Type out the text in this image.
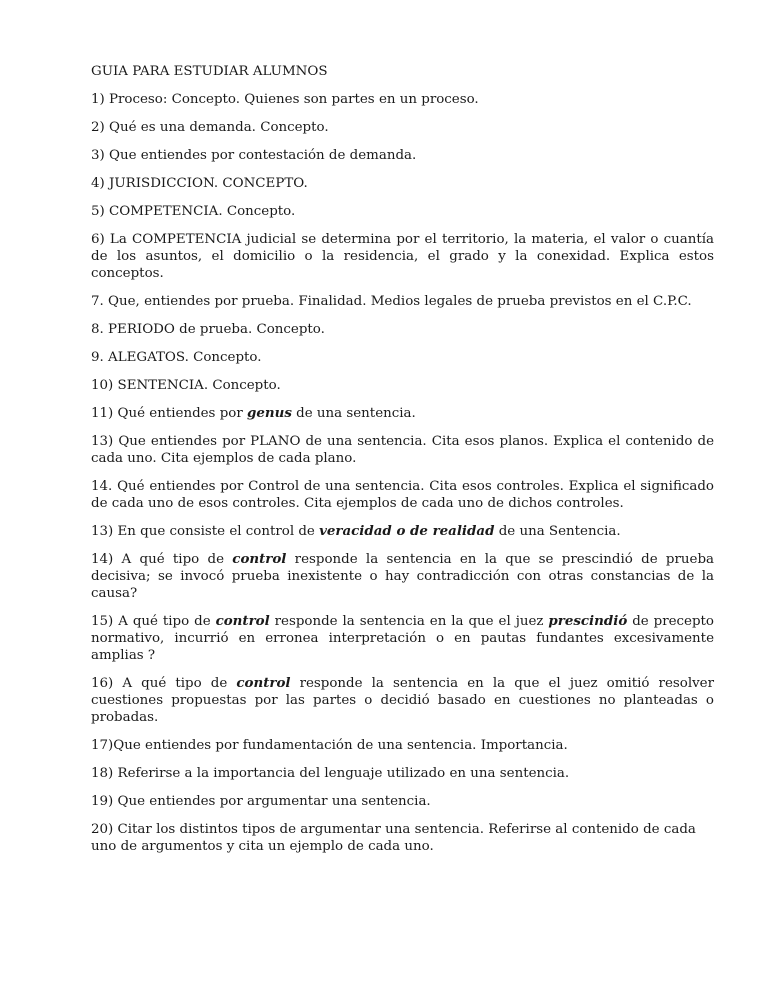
GUIA PARA ESTUDIAR ALUMNOS

1) Proceso: Concepto. Quienes son partes en un proceso.

2) Qué es una demanda. Concepto.

3) Que entiendes por contestación de demanda.

4) JURISDICCION. CONCEPTO.

5) COMPETENCIA. Concepto.

6) La COMPETENCIA judicial se determina por el territorio, la materia, el valor o cuantía de los asuntos, el domicilio o la residencia, el grado y la conexidad. Explica estos conceptos.

7. Que, entiendes por prueba. Finalidad. Medios legales de prueba previstos en el C.P.C.

8. PERIODO de prueba. Concepto.

9. ALEGATOS. Concepto.

10) SENTENCIA. Concepto.

11) Qué entiendes por genus de una sentencia.

13) Que entiendes por PLANO de una sentencia. Cita esos planos. Explica el contenido de cada uno. Cita ejemplos de cada plano.

14. Qué entiendes por Control de una sentencia. Cita esos controles. Explica el significado de cada uno de esos controles. Cita ejemplos de cada uno de dichos controles.

13) En que consiste el control de veracidad o de realidad de una Sentencia.

14) A qué tipo de control responde la sentencia en la que se prescindió de prueba decisiva; se invocó prueba inexistente o hay contradicción con otras constancias de la causa?

15) A qué tipo de control responde la sentencia en la que el juez prescindió de precepto normativo, incurrió en erronea interpretación o en pautas fundantes excesivamente amplias ?

16) A qué tipo de control responde la sentencia en la que el juez omitió resolver cuestiones propuestas por las partes o decidió basado en cuestiones no planteadas o probadas.

17)Que entiendes por fundamentación de una sentencia. Importancia.

18) Referirse a la importancia del lenguaje utilizado en una sentencia.

19) Que entiendes por argumentar una sentencia.

20) Citar los distintos tipos de argumentar una sentencia. Referirse al contenido de cada uno de argumentos y cita un ejemplo de cada uno.
